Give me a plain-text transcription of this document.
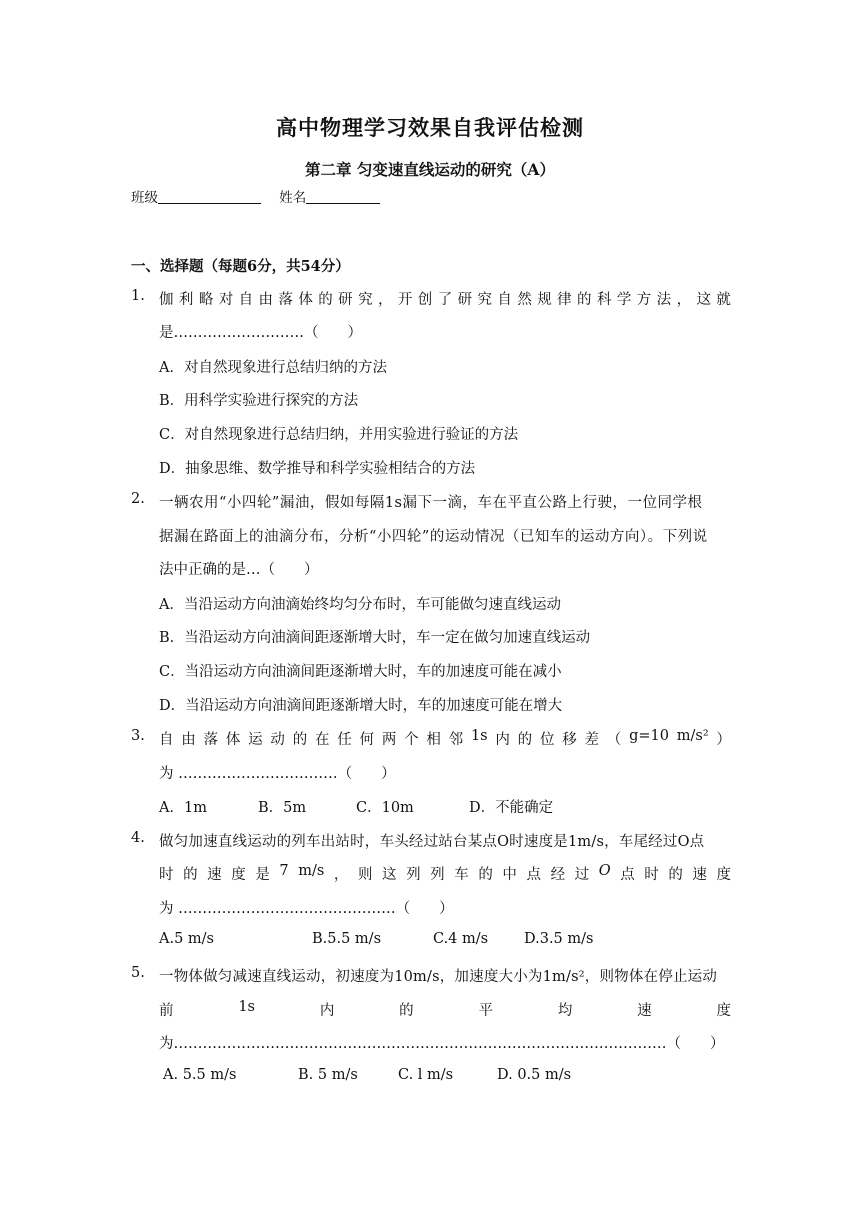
高中物理学习效果自我评估检测
第二章 匀变速直线运动的研究（A）
班级	姓名
一、选择题（每题6分，共54分）
1. 伽 利 略 对 自 由 落 体 的 研 究 ， 开 创 了 研 究 自 然 规 律 的 科 学 方 法 ， 这 就
是………………………（　　）
A．对自然现象进行总结归纳的方法
B．用科学实验进行探究的方法
C．对自然现象进行总结归纳，并用实验进行验证的方法
D．抽象思维、数学推导和科学实验相结合的方法
2. 一辆农用“小四轮”漏油，假如每隔1s漏下一滴，车在平直公路上行驶，一位同学根
据漏在路面上的油滴分布，分析“小四轮”的运动情况（已知车的运动方向）。下列说
法中正确的是…（　　）
A．当沿运动方向油滴始终均匀分布时，车可能做匀速直线运动
B．当沿运动方向油滴间距逐渐增大时，车一定在做匀加速直线运动
C．当沿运动方向油滴间距逐渐增大时，车的加速度可能在减小
D．当沿运动方向油滴间距逐渐增大时，车的加速度可能在增大
3. 自 由 落 体 运 动 的 在 任 何 两 个 相 邻 1s 内 的 位 移 差 （ g=10 m/s² ）
为 ……………………………（　　）
A．1m	B．5m	C．10m	D．不能确定
4. 做匀加速直线运动的列车出站时，车头经过站台某点O时速度是1m/s，车尾经过O点
时 的 速 度 是 7 m/s ， 则 这 列 列 车 的 中 点 经 过 O 点 时 的 速 度
为 ………………………………………（　　）
A.5 m/s	B.5.5 m/s	C.4 m/s D.3.5 m/s
5. 一物体做匀减速直线运动，初速度为10m/s，加速度大小为1m/s²，则物体在停止运动
前	1s	内	的	平	均	速	度
为…………………………………………………………………………………………（　　）
A. 5.5 m/s	B. 5 m/s	C. l m/s	D. 0.5 m/s
